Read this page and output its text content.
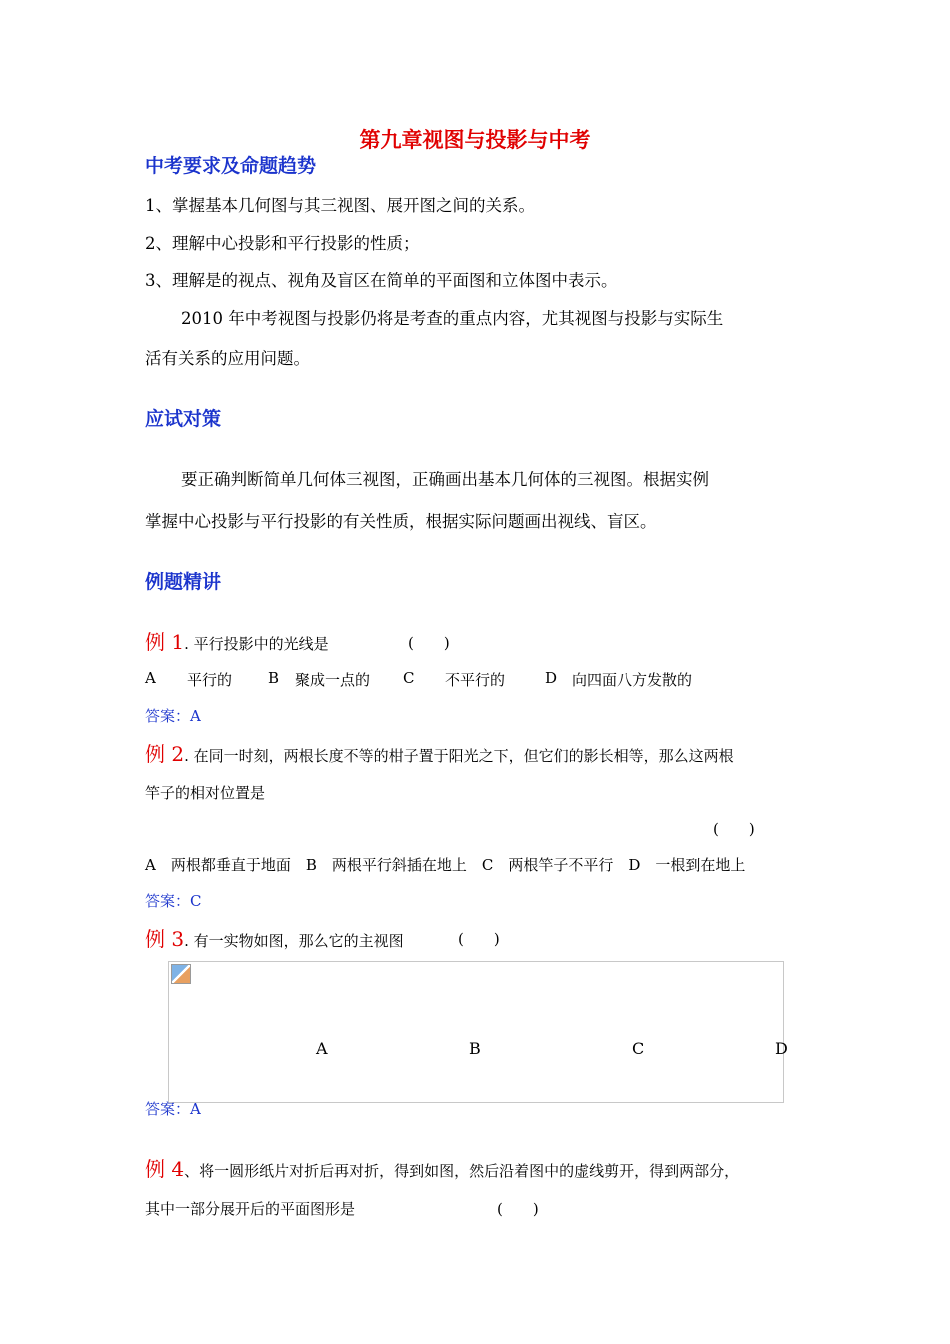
第九章视图与投影与中考
中考要求及命题趋势
1、掌握基本几何图与其三视图、展开图之间的关系。
2、理解中心投影和平行投影的性质；
3、理解是的视点、视角及盲区在简单的平面图和立体图中表示。
2010 年中考视图与投影仍将是考查的重点内容，尤其视图与投影与实际生
活有关系的应用问题。
应试对策
要正确判断简单几何体三视图，正确画出基本几何体的三视图。根据实例
掌握中心投影与平行投影的有关性质，根据实际问题画出视线、盲区。
例题精讲
例 1. 平行投影中的光线是	(　　)
A 平行的 B 聚成一点的 C 不平行的	D 向四面八方发散的
答案：A
例 2. 在同一时刻，两根长度不等的柑子置于阳光之下，但它们的影长相等，那么这两根
竿子的相对位置是
(　　)
A　两根都垂直于地面　B　两根平行斜插在地上　C　两根竿子不平行　D　一根到在地上
答案：C
例 3. 有一实物如图，那么它的主视图	(　　)
A	B	C	D
答案：A
例 4、将一圆形纸片对折后再对折，得到如图，然后沿着图中的虚线剪开，得到两部分，
其中一部分展开后的平面图形是	(　　)
